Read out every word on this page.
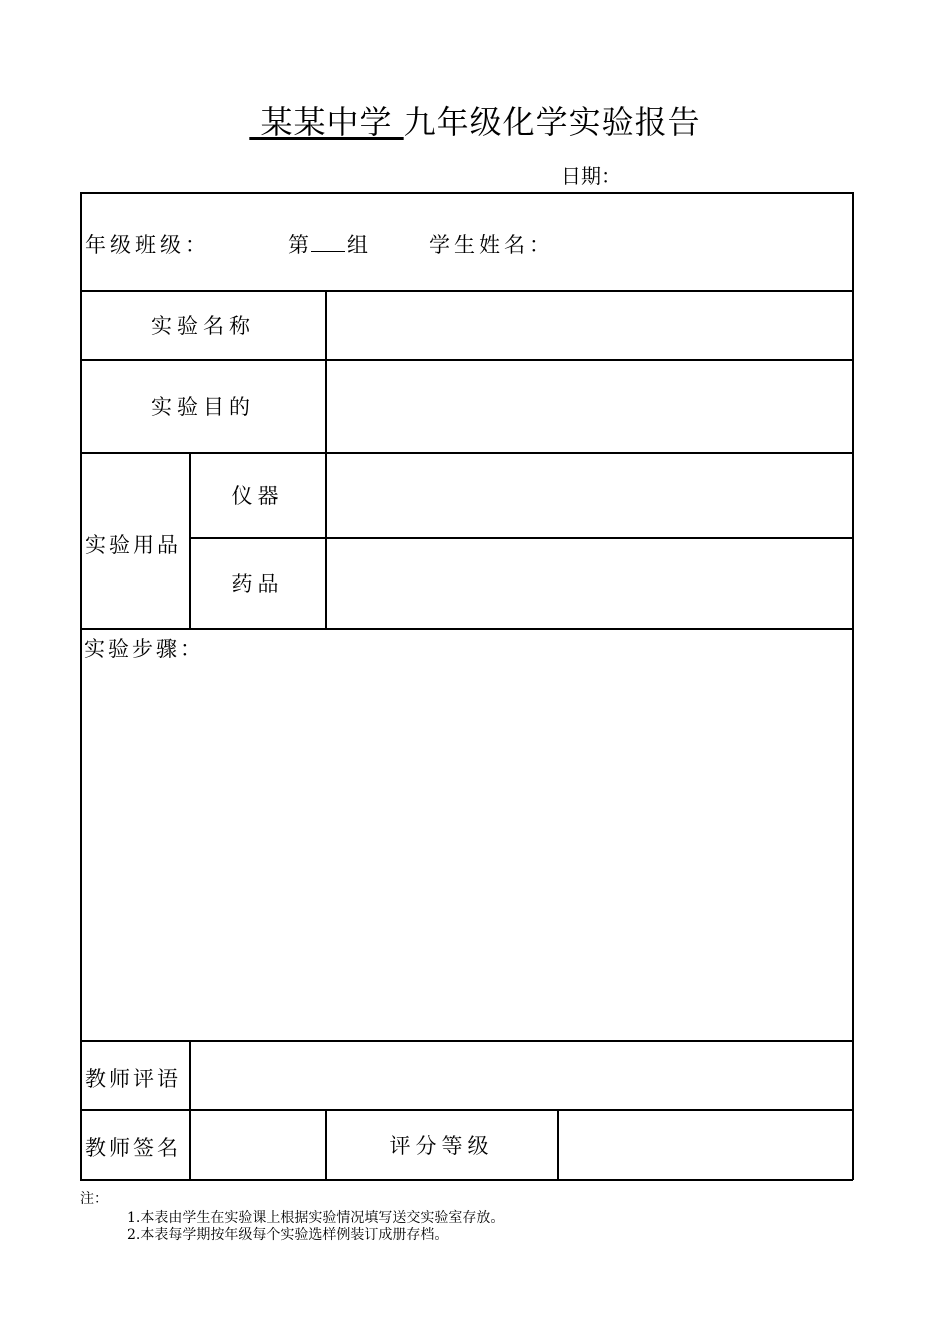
某某中学 九年级化学实验报告
日期：
年级班级：	第 组	学生姓名：
实验名称
实验目的
实验用品
仪器
药品
实验步骤：
教师评语
教师签名	评分等级
注：
1.本表由学生在实验课上根据实验情况填写送交实验室存放。
2.本表每学期按年级每个实验选样例装订成册存档。
